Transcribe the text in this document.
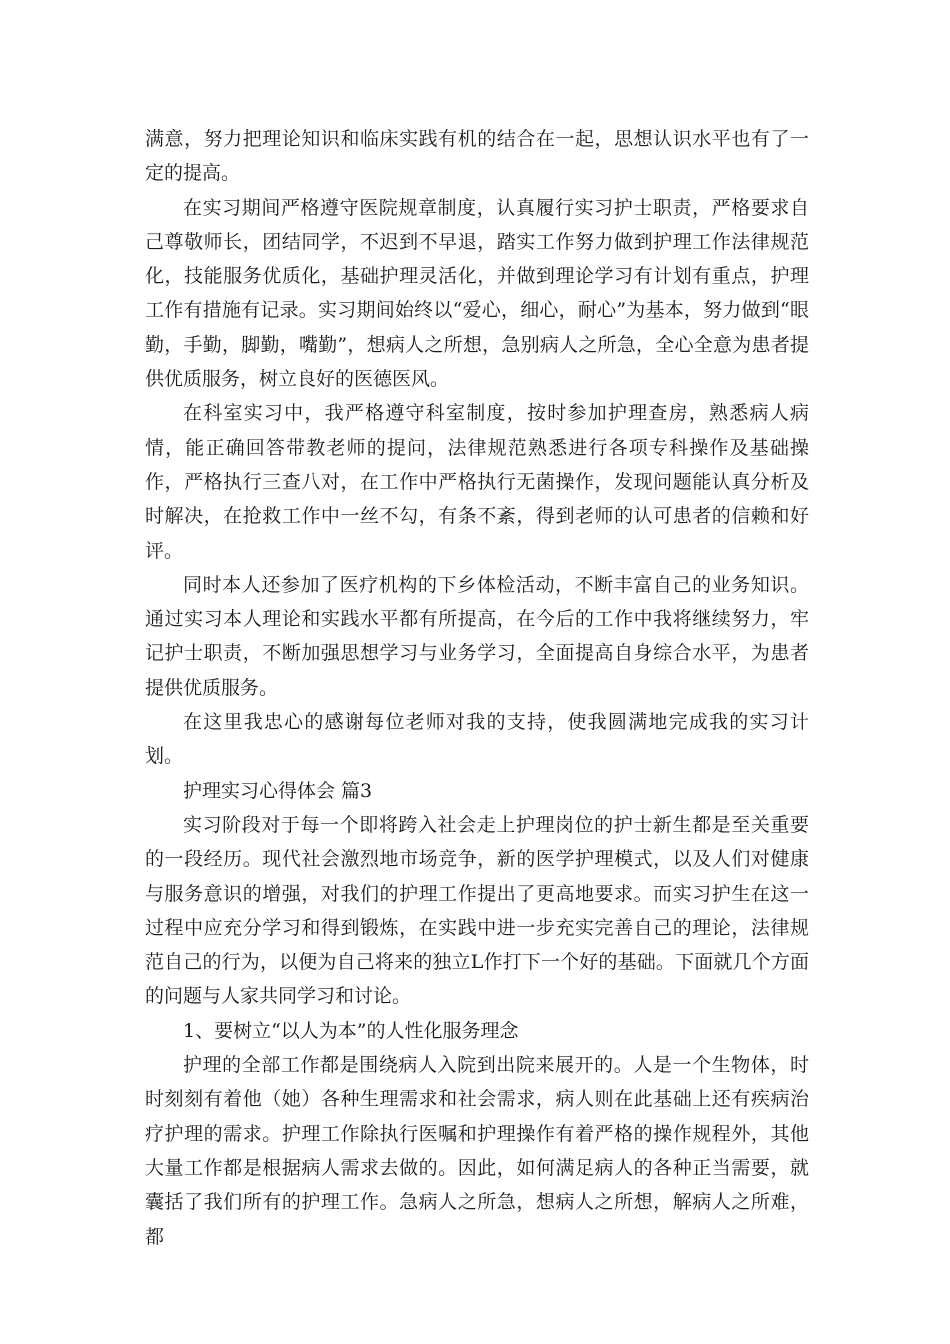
满意，努力把理论知识和临床实践有机的结合在一起，思想认识水平也有了一定的提高。

在实习期间严格遵守医院规章制度，认真履行实习护士职责，严格要求自己尊敬师长，团结同学，不迟到不早退，踏实工作努力做到护理工作法律规范化，技能服务优质化，基础护理灵活化，并做到理论学习有计划有重点，护理工作有措施有记录。实习期间始终以“爱心，细心，耐心”为基本，努力做到“眼勤，手勤，脚勤，嘴勤”，想病人之所想，急别病人之所急，全心全意为患者提供优质服务，树立良好的医德医风。

在科室实习中，我严格遵守科室制度，按时参加护理查房，熟悉病人病情，能正确回答带教老师的提问，法律规范熟悉进行各项专科操作及基础操作，严格执行三查八对，在工作中严格执行无菌操作，发现问题能认真分析及时解决，在抢救工作中一丝不勾，有条不紊，得到老师的认可患者的信赖和好评。

同时本人还参加了医疗机构的下乡体检活动，不断丰富自己的业务知识。通过实习本人理论和实践水平都有所提高，在今后的工作中我将继续努力，牢记护士职责，不断加强思想学习与业务学习，全面提高自身综合水平，为患者提供优质服务。

在这里我忠心的感谢每位老师对我的支持，使我圆满地完成我的实习计划。

护理实习心得体会 篇3

实习阶段对于每一个即将跨入社会走上护理岗位的护士新生都是至关重要的一段经历。现代社会激烈地市场竞争，新的医学护理模式，以及人们对健康与服务意识的增强，对我们的护理工作提出了更高地要求。而实习护生在这一过程中应充分学习和得到锻炼，在实践中进一步充实完善自己的理论，法律规范自己的行为，以便为自己将来的独立L作打下一个好的基础。下面就几个方面的问题与人家共同学习和讨论。

1、要树立“以人为本”的人性化服务理念

护理的全部工作都是围绕病人入院到出院来展开的。人是一个生物体，时时刻刻有着他（她）各种生理需求和社会需求，病人则在此基础上还有疾病治疗护理的需求。护理工作除执行医嘱和护理操作有着严格的操作规程外，其他大量工作都是根据病人需求去做的。因此，如何满足病人的各种正当需要，就囊括了我们所有的护理工作。急病人之所急，想病人之所想，解病人之所难，都
